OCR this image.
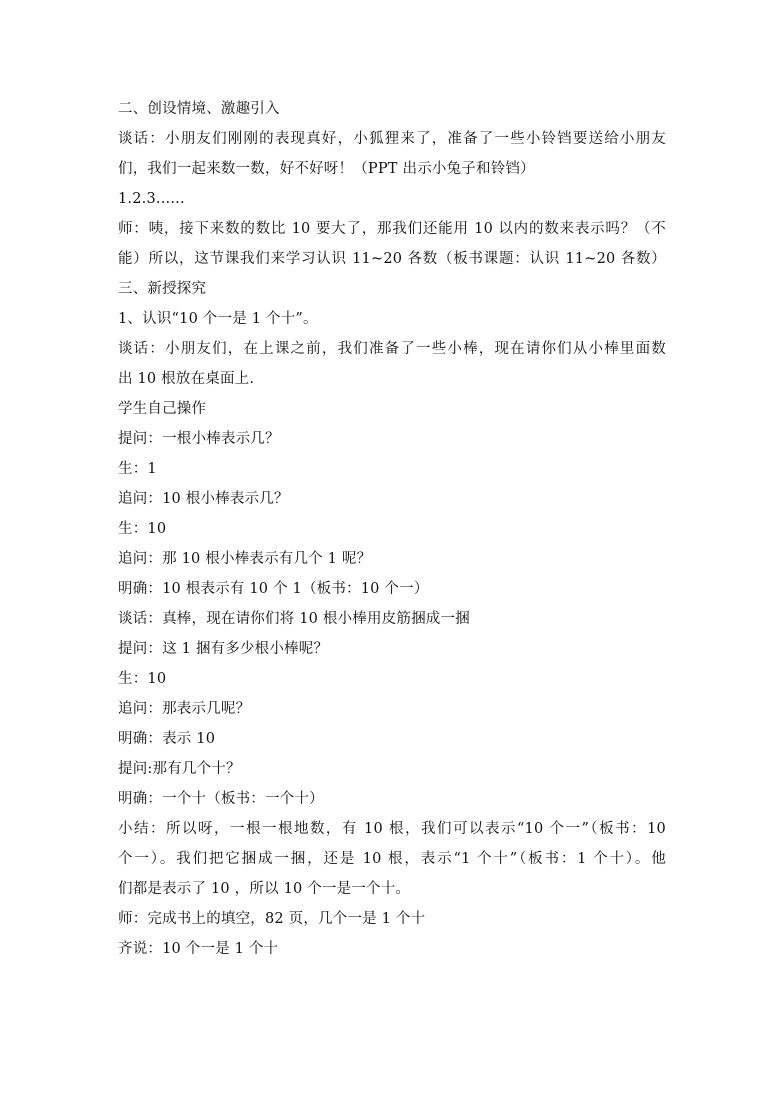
二、创设情境、激趣引入
谈话：小朋友们刚刚的表现真好，小狐狸来了，准备了一些小铃铛要送给小朋友
们，我们一起来数一数，好不好呀！（PPT 出示小兔子和铃铛）
1.2.3......
师：咦，接下来数的数比 10 要大了，那我们还能用 10 以内的数来表示吗？（不
能）所以，这节课我们来学习认识 11~20 各数（板书课题：认识 11~20 各数）
三、新授探究
1、认识“10 个一是 1 个十”。
谈话：小朋友们，在上课之前，我们准备了一些小棒，现在请你们从小棒里面数
出 10 根放在桌面上.
学生自己操作
提问：一根小棒表示几？
生：1
追问：10 根小棒表示几？
生：10
追问：那 10 根小棒表示有几个 1 呢？
明确：10 根表示有 10 个 1（板书：10 个一）
谈话：真棒，现在请你们将 10 根小棒用皮筋捆成一捆
提问：这 1 捆有多少根小棒呢？
生：10
追问：那表示几呢？
明确：表示 10
提问:那有几个十？
明确：一个十（板书：一个十）
小结：所以呀，一根一根地数，有 10 根，我们可以表示“10 个一”（板书：10
个一）。我们把它捆成一捆，还是 10 根，表示“1 个十”（板书：1 个十）。他
们都是表示了 10 ，所以 10 个一是一个十。
师：完成书上的填空，82 页，几个一是 1 个十
齐说：10 个一是 1 个十
